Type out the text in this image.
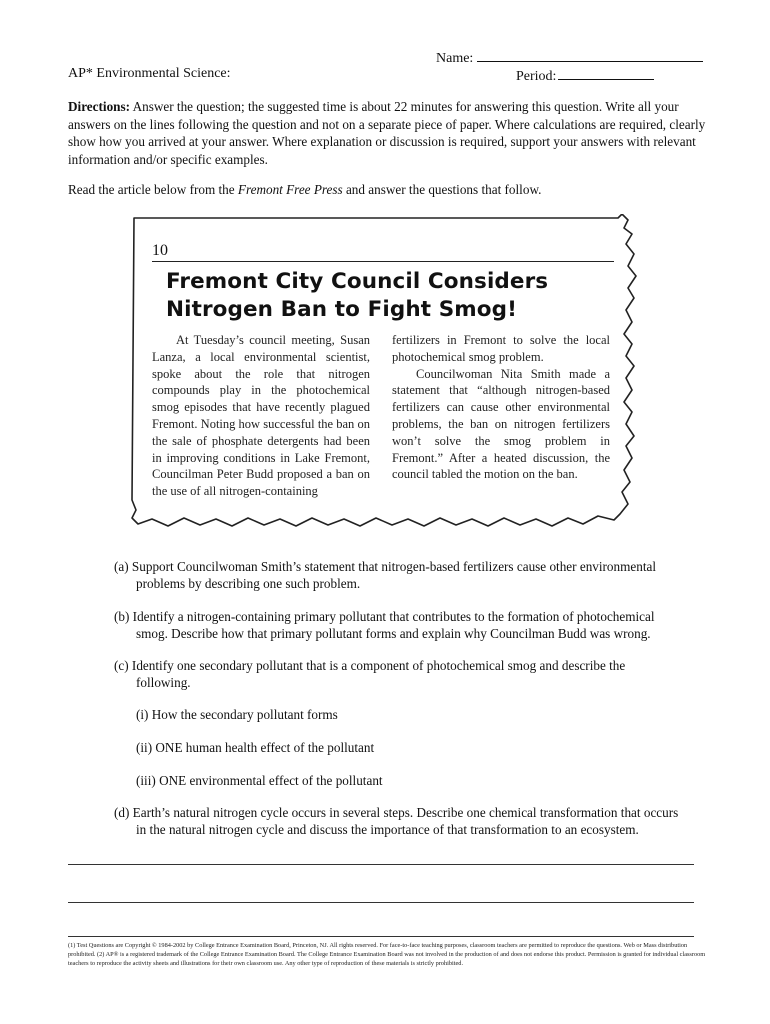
Name:
AP* Environmental Science:	Period:
Directions: Answer the question; the suggested time is about 22 minutes for answering this question. Write all your answers on the lines following the question and not on a separate piece of paper. Where calculations are required, clearly show how you arrived at your answer. Where explanation or discussion is required, support your answers with relevant information and/or specific examples.
Read the article below from the Fremont Free Press and answer the questions that follow.
10
Fremont City Council Considers
Nitrogen Ban to Fight Smog!

At Tuesday’s council meeting, Susan Lanza, a local environmental scientist, spoke about the role that nitrogen compounds play in the photochemical smog episodes that have recently plagued Fremont. Noting how successful the ban on the sale of phosphate detergents had been in improving conditions in Lake Fremont, Councilman Peter Budd proposed a ban on the use of all nitrogen-containing

fertilizers in Fremont to solve the local photochemical smog problem.

Councilwoman Nita Smith made a statement that “although nitrogen-based fertilizers can cause other environmental problems, the ban on nitrogen fertilizers won’t solve the smog problem in Fremont.” After a heated discussion, the council tabled the motion on the ban.

(a) Support Councilwoman Smith’s statement that nitrogen-based fertilizers cause other environmental
problems by describing one such problem.
(b) Identify a nitrogen-containing primary pollutant that contributes to the formation of photochemical
smog. Describe how that primary pollutant forms and explain why Councilman Budd was wrong.
(c) Identify one secondary pollutant that is a component of photochemical smog and describe the
following.
(i) How the secondary pollutant forms
(ii) ONE human health effect of the pollutant
(iii) ONE environmental effect of the pollutant
(d) Earth’s natural nitrogen cycle occurs in several steps. Describe one chemical transformation that occurs
in the natural nitrogen cycle and discuss the importance of that transformation to an ecosystem.
(1) Test Questions are Copyright © 1984-2002 by College Entrance Examination Board, Princeton, NJ. All rights reserved. For face-to-face teaching purposes, classroom teachers are permitted to reproduce the questions. Web or Mass distribution prohibited. (2) AP® is a registered trademark of the College Entrance Examination Board. The College Entrance Examination Board was not involved in the production of and does not endorse this product. Permission is granted for individual classroom teachers to reproduce the activity sheets and illustrations for their own classroom use. Any other type of reproduction of these materials is strictly prohibited.
